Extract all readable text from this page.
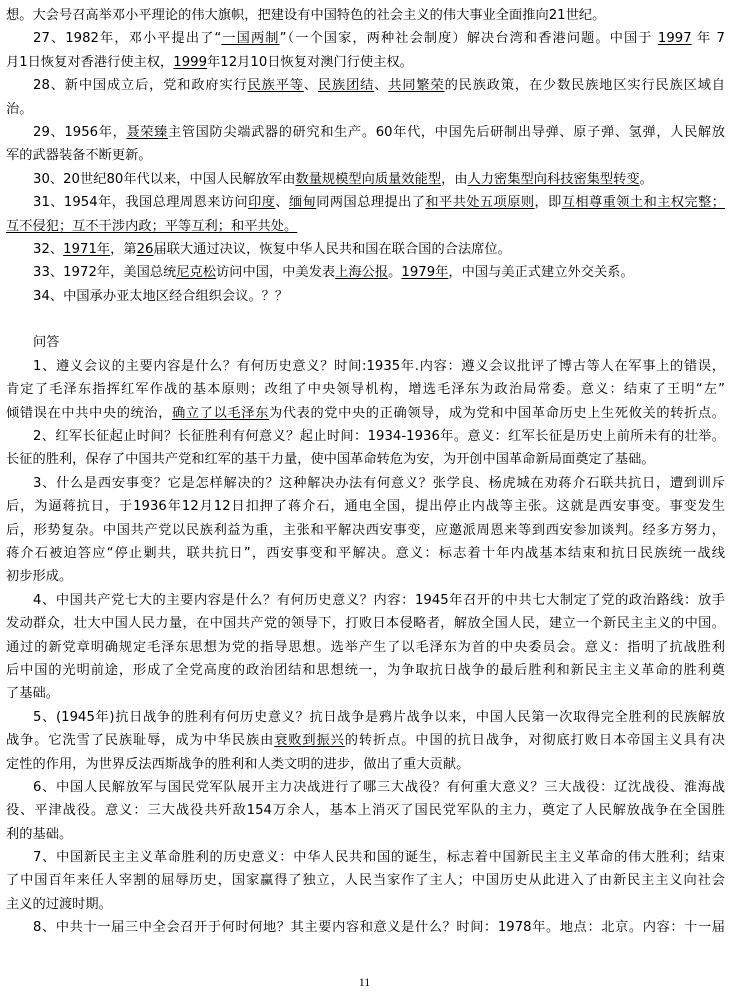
想。大会号召高举邓小平理论的伟大旗帜，把建设有中国特色的社会主义的伟大事业全面推向21世纪。
27、1982年，邓小平提出了“一国两制”（一个国家，两种社会制度）解决台湾和香港问题。中国于 1997 年 7
月1日恢复对香港行使主权，1999年12月10日恢复对澳门行使主权。
28、新中国成立后，党和政府实行民族平等、民族团结、共同繁荣的民族政策，在少数民族地区实行民族区域自
治。
29、1956年，聂荣臻主管国防尖端武器的研究和生产。60年代，中国先后研制出导弹、原子弹、氢弹，人民解放
军的武器装备不断更新。
30、20世纪80年代以来，中国人民解放军由数量规模型向质量效能型，由人力密集型向科技密集型转变。
31、1954年，我国总理周恩来访问印度、缅甸同两国总理提出了和平共处五项原则，即互相尊重领土和主权完整；
互不侵犯；互不干涉内政；平等互利；和平共处。
32、1971年，第26届联大通过决议，恢复中华人民共和国在联合国的合法席位。
33、1972年，美国总统尼克松访问中国，中美发表上海公报。1979年，中国与美正式建立外交关系。
34、中国承办亚太地区经合组织会议。？？
问答
1、遵义会议的主要内容是什么？有何历史意义？时间:1935年.内容：遵义会议批评了博古等人在军事上的错误，
肯定了毛泽东指挥红军作战的基本原则；改组了中央领导机构，增选毛泽东为政治局常委。意义：结束了王明“左”
倾错误在中共中央的统治，确立了以毛泽东为代表的党中央的正确领导，成为党和中国革命历史上生死攸关的转折点。
2、红军长征起止时间？长征胜利有何意义？起止时间：1934-1936年。意义：红军长征是历史上前所未有的壮举。
长征的胜利，保存了中国共产党和红军的基干力量，使中国革命转危为安，为开创中国革命新局面奠定了基础。
3、什么是西安事变？它是怎样解决的？这种解决办法有何意义？张学良、杨虎城在劝蒋介石联共抗日，遭到训斥
后，为逼蒋抗日，于1936年12月12日扣押了蒋介石，通电全国，提出停止内战等主张。这就是西安事变。事变发生
后，形势复杂。中国共产党以民族利益为重，主张和平解决西安事变，应邀派周恩来等到西安参加谈判。经多方努力，
蒋介石被迫答应“停止剿共，联共抗日”，西安事变和平解决。意义：标志着十年内战基本结束和抗日民族统一战线
初步形成。
4、中国共产党七大的主要内容是什么？有何历史意义？内容：1945年召开的中共七大制定了党的政治路线：放手
发动群众，壮大中国人民力量，在中国共产党的领导下，打败日本侵略者，解放全国人民，建立一个新民主主义的中国。
通过的新党章明确规定毛泽东思想为党的指导思想。选举产生了以毛泽东为首的中央委员会。意义：指明了抗战胜利
后中国的光明前途，形成了全党高度的政治团结和思想统一，为争取抗日战争的最后胜利和新民主主义革命的胜利奠
了基础。
5、(1945年)抗日战争的胜利有何历史意义？抗日战争是鸦片战争以来，中国人民第一次取得完全胜利的民族解放
战争。它洗雪了民族耻辱，成为中华民族由衰败到振兴的转折点。中国的抗日战争，对彻底打败日本帝国主义具有决
定性的作用，为世界反法西斯战争的胜利和人类文明的进步，做出了重大贡献。
6、中国人民解放军与国民党军队展开主力决战进行了哪三大战役？有何重大意义？三大战役：辽沈战役、淮海战
役、平津战役。意义：三大战役共歼敌154万余人，基本上消灭了国民党军队的主力，奠定了人民解放战争在全国胜
利的基础。
7、中国新民主主义革命胜利的历史意义：中华人民共和国的诞生，标志着中国新民主主义革命的伟大胜利；结束
了中国百年来任人宰割的屈辱历史，国家赢得了独立，人民当家作了主人；中国历史从此进入了由新民主主义向社会
主义的过渡时期。
8、中共十一届三中全会召开于何时何地？其主要内容和意义是什么？时间：1978年。地点：北京。内容：十一届
11
